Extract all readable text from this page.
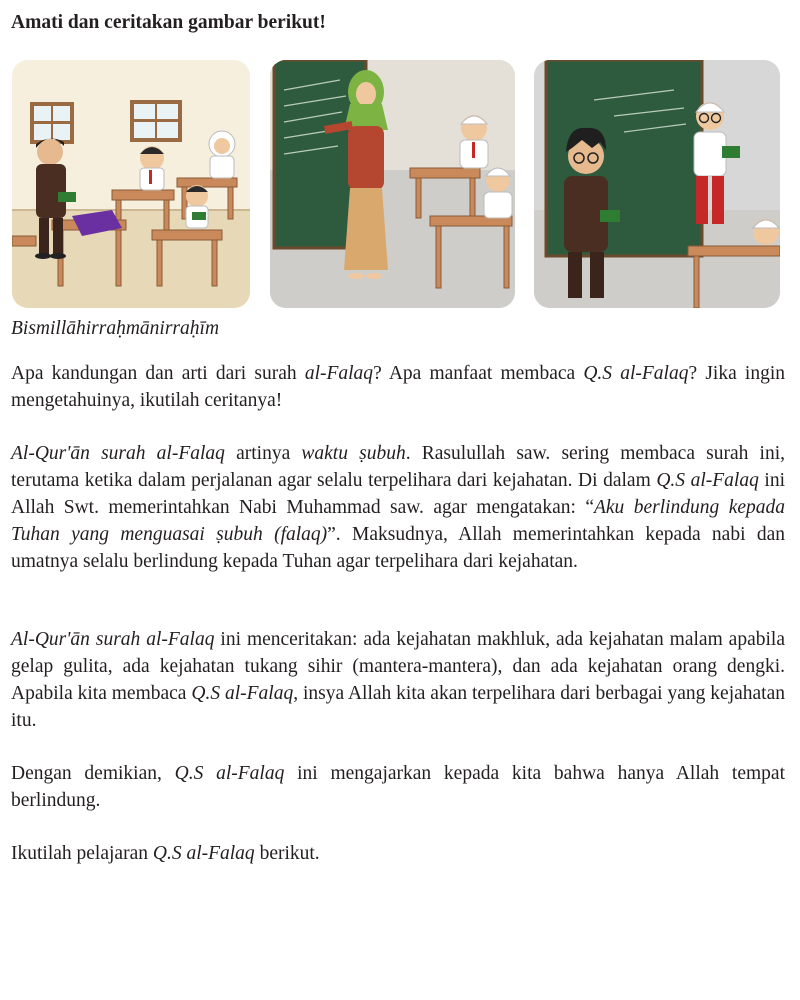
Amati dan ceritakan gambar berikut!

Bismillāhirraḥmānirraḥīm

Apa kandungan dan arti dari surah al-Falaq? Apa manfaat membaca Q.S al-Falaq? Jika ingin mengetahuinya, ikutilah ceritanya!

Al-Qur'ān surah al-Falaq artinya waktu ṣubuh. Rasulullah saw. sering membaca surah ini, terutama ketika dalam perjalanan agar selalu terpelihara dari kejahatan. Di dalam Q.S al-Falaq ini Allah Swt. memerintahkan Nabi Muhammad saw. agar mengatakan: “Aku berlindung kepada Tuhan yang menguasai ṣubuh (falaq)”. Maksudnya, Allah memerintahkan kepada nabi dan umatnya selalu berlindung kepada Tuhan agar terpelihara dari kejahatan.

Al-Qur'ān surah al-Falaq ini menceritakan: ada kejahatan makhluk, ada kejahatan malam apabila gelap gulita, ada kejahatan tukang sihir (mantera-mantera), dan ada kejahatan orang dengki. Apabila kita membaca Q.S al-Falaq, insya Allah kita akan terpelihara dari berbagai yang kejahatan itu.

Dengan demikian, Q.S al-Falaq ini mengajarkan kepada kita bahwa hanya Allah tempat berlindung.

Ikutilah pelajaran Q.S al-Falaq berikut.
